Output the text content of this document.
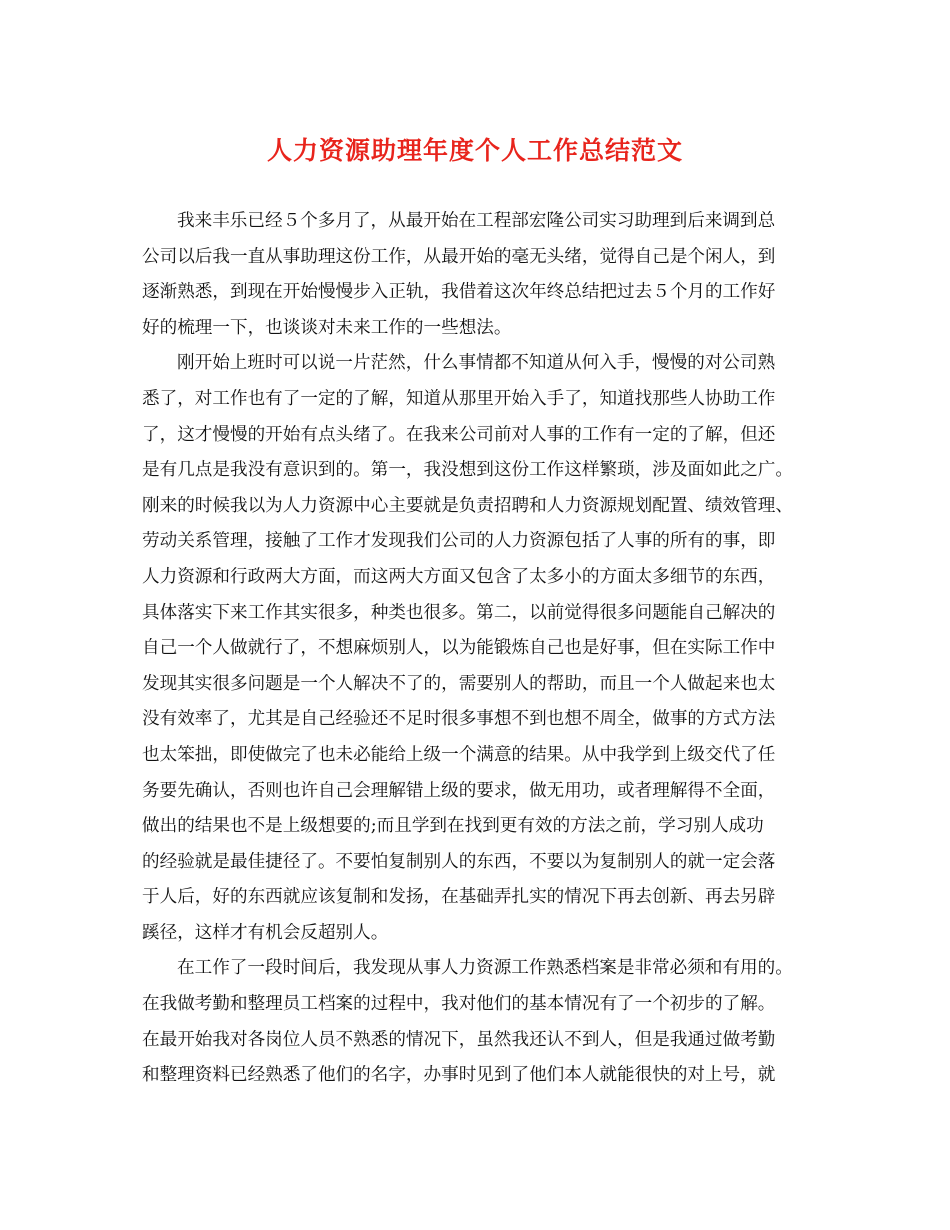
人力资源助理年度个人工作总结范文
我来丰乐已经５个多月了，从最开始在工程部宏隆公司实习助理到后来调到总
公司以后我一直从事助理这份工作，从最开始的毫无头绪，觉得自己是个闲人，到
逐渐熟悉，到现在开始慢慢步入正轨，我借着这次年终总结把过去５个月的工作好
好的梳理一下，也谈谈对未来工作的一些想法。
刚开始上班时可以说一片茫然，什么事情都不知道从何入手，慢慢的对公司熟
悉了，对工作也有了一定的了解，知道从那里开始入手了，知道找那些人协助工作
了，这才慢慢的开始有点头绪了。在我来公司前对人事的工作有一定的了解，但还
是有几点是我没有意识到的。第一，我没想到这份工作这样繁琐，涉及面如此之广。
刚来的时候我以为人力资源中心主要就是负责招聘和人力资源规划配置、绩效管理、
劳动关系管理，接触了工作才发现我们公司的人力资源包括了人事的所有的事，即
人力资源和行政两大方面，而这两大方面又包含了太多小的方面太多细节的东西，
具体落实下来工作其实很多，种类也很多。第二，以前觉得很多问题能自己解决的
自己一个人做就行了，不想麻烦别人，以为能锻炼自己也是好事，但在实际工作中
发现其实很多问题是一个人解决不了的，需要别人的帮助，而且一个人做起来也太
没有效率了，尤其是自己经验还不足时很多事想不到也想不周全，做事的方式方法
也太笨拙，即使做完了也未必能给上级一个满意的结果。从中我学到上级交代了任
务要先确认，否则也许自己会理解错上级的要求，做无用功，或者理解得不全面，
做出的结果也不是上级想要的;而且学到在找到更有效的方法之前，学习别人成功
的经验就是最佳捷径了。不要怕复制别人的东西，不要以为复制别人的就一定会落
于人后，好的东西就应该复制和发扬，在基础弄扎实的情况下再去创新、再去另辟
蹊径，这样才有机会反超别人。
在工作了一段时间后，我发现从事人力资源工作熟悉档案是非常必须和有用的。
在我做考勤和整理员工档案的过程中，我对他们的基本情况有了一个初步的了解。
在最开始我对各岗位人员不熟悉的情况下，虽然我还认不到人，但是我通过做考勤
和整理资料已经熟悉了他们的名字，办事时见到了他们本人就能很快的对上号，就
